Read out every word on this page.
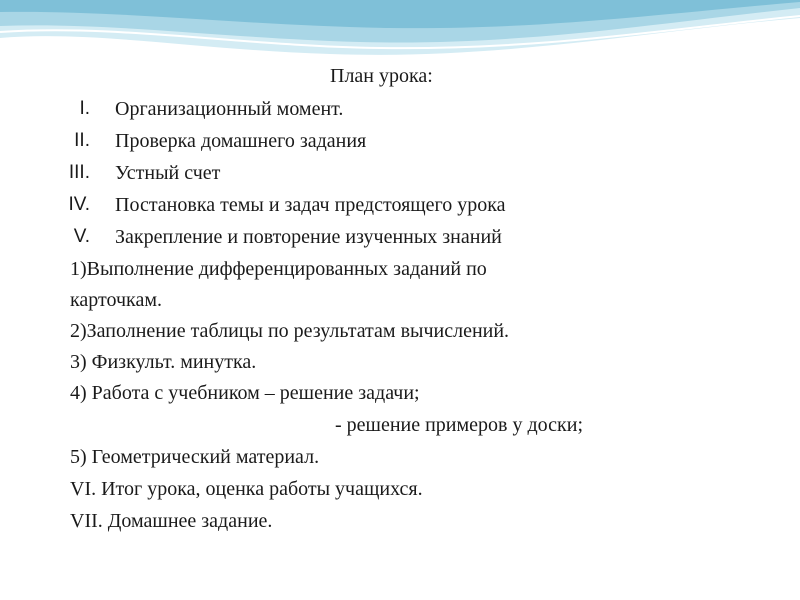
План урока:
I. Организационный момент.
II. Проверка домашнего задания
III. Устный счет
IV. Постановка темы и задач предстоящего урока
V. Закрепление и повторение изученных знаний
1)Выполнение дифференцированных заданий по
карточкам.
2)Заполнение таблицы по результатам вычислений.
3) Физкульт. минутка.
4) Работа с учебником – решение задачи;
- решение примеров у доски;
5) Геометрический материал.
VI. Итог урока, оценка работы учащихся.
VII. Домашнее задание.
